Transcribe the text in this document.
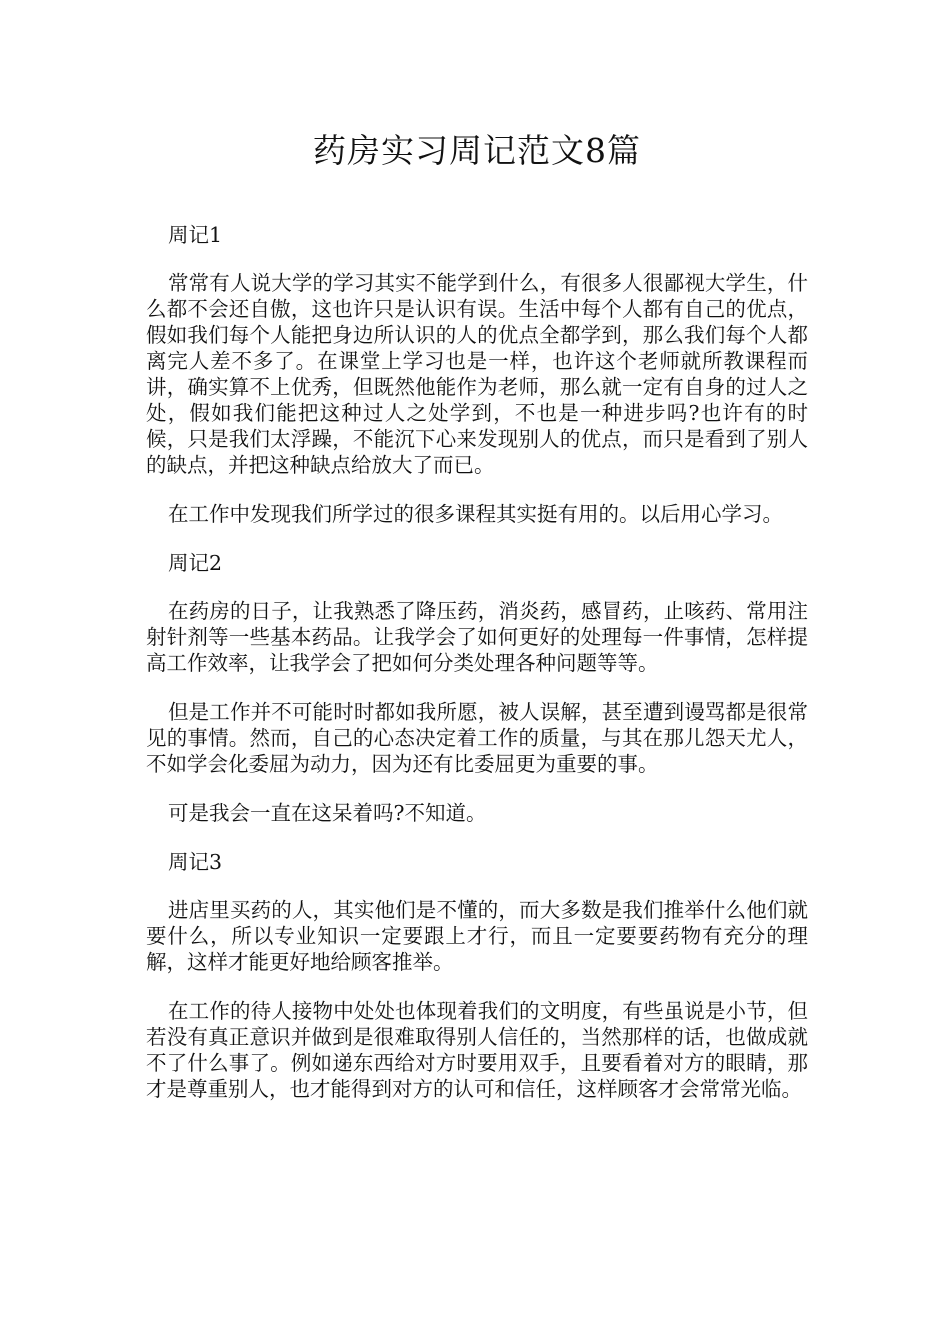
药房实习周记范文8篇

周记1

常常有人说大学的学习其实不能学到什么，有很多人很鄙视大学生，什么都不会还自傲，这也许只是认识有误。生活中每个人都有自己的优点，假如我们每个人能把身边所认识的人的优点全都学到，那么我们每个人都离完人差不多了。在课堂上学习也是一样，也许这个老师就所教课程而讲，确实算不上优秀，但既然他能作为老师，那么就一定有自身的过人之处，假如我们能把这种过人之处学到，不也是一种进步吗?也许有的时候，只是我们太浮躁，不能沉下心来发现别人的优点，而只是看到了别人的缺点，并把这种缺点给放大了而已。

在工作中发现我们所学过的很多课程其实挺有用的。以后用心学习。

周记2

在药房的日子，让我熟悉了降压药，消炎药，感冒药，止咳药、常用注射针剂等一些基本药品。让我学会了如何更好的处理每一件事情，怎样提高工作效率，让我学会了把如何分类处理各种问题等等。

但是工作并不可能时时都如我所愿，被人误解，甚至遭到谩骂都是很常见的事情。然而，自己的心态决定着工作的质量，与其在那儿怨天尤人，不如学会化委屈为动力，因为还有比委屈更为重要的事。

可是我会一直在这呆着吗?不知道。

周记3

进店里买药的人，其实他们是不懂的，而大多数是我们推举什么他们就要什么，所以专业知识一定要跟上才行，而且一定要要药物有充分的理解，这样才能更好地给顾客推举。

在工作的待人接物中处处也体现着我们的文明度，有些虽说是小节，但若没有真正意识并做到是很难取得别人信任的，当然那样的话，也做成就不了什么事了。例如递东西给对方时要用双手，且要看着对方的眼睛，那才是尊重别人，也才能得到对方的认可和信任，这样顾客才会常常光临。
